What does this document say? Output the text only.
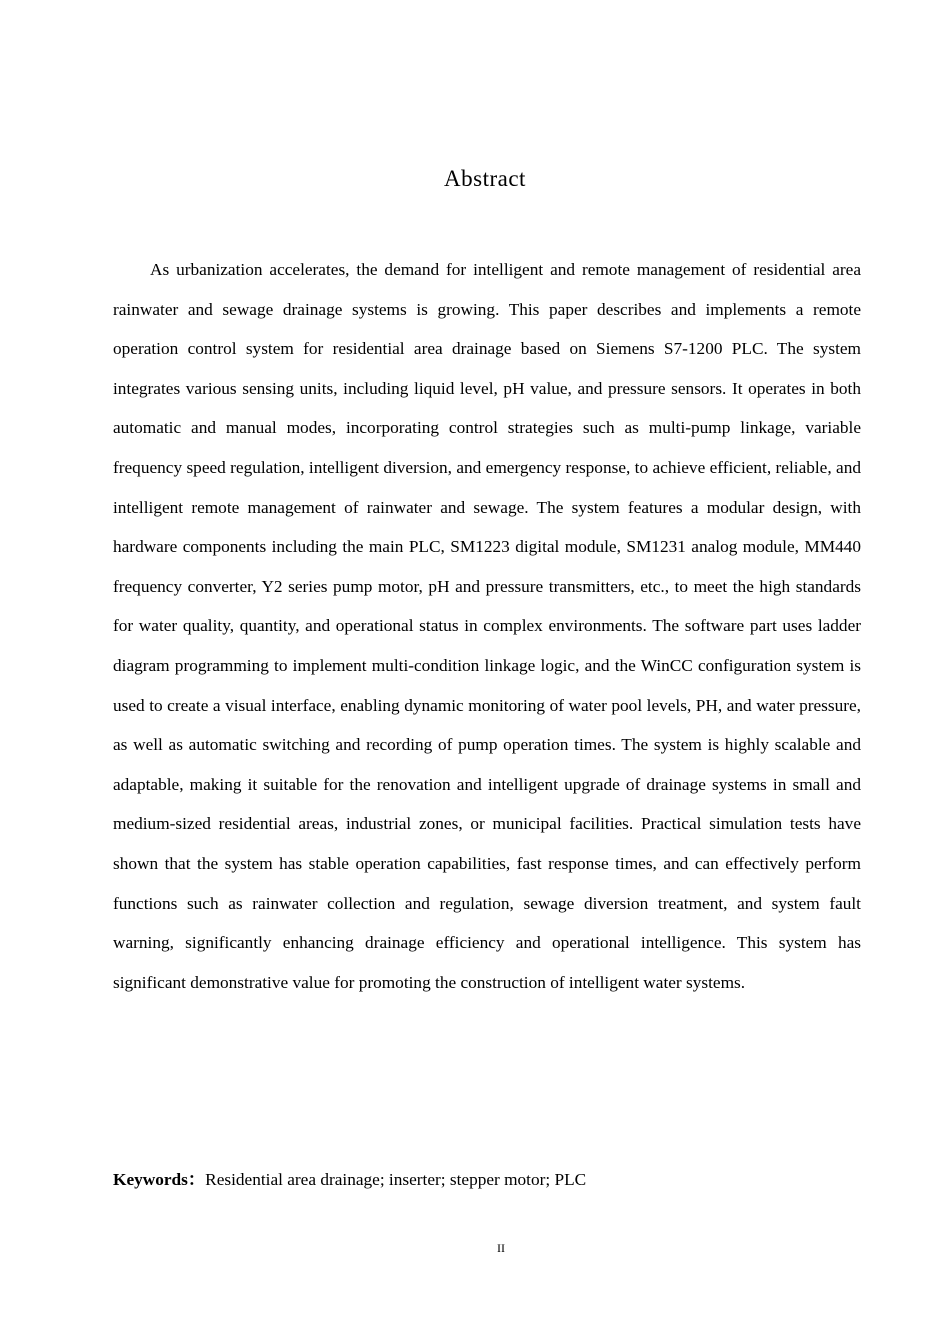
Abstract

As urbanization accelerates, the demand for intelligent and remote management of residential area rainwater and sewage drainage systems is growing. This paper describes and implements a remote operation control system for residential area drainage based on Siemens S7-1200 PLC. The system integrates various sensing units, including liquid level, pH value, and pressure sensors. It operates in both automatic and manual modes, incorporating control strategies such as multi-pump linkage, variable frequency speed regulation, intelligent diversion, and emergency response, to achieve efficient, reliable, and intelligent remote management of rainwater and sewage. The system features a modular design, with hardware components including the main PLC, SM1223 digital module, SM1231 analog module, MM440 frequency converter, Y2 series pump motor, pH and pressure transmitters, etc., to meet the high standards for water quality, quantity, and operational status in complex environments. The software part uses ladder diagram programming to implement multi-condition linkage logic, and the WinCC configuration system is used to create a visual interface, enabling dynamic monitoring of water pool levels, PH, and water pressure, as well as automatic switching and recording of pump operation times. The system is highly scalable and adaptable, making it suitable for the renovation and intelligent upgrade of drainage systems in small and medium-sized residential areas, industrial zones, or municipal facilities. Practical simulation tests have shown that the system has stable operation capabilities, fast response times, and can effectively perform functions such as rainwater collection and regulation, sewage diversion treatment, and system fault warning, significantly enhancing drainage efficiency and operational intelligence. This system has significant demonstrative value for promoting the construction of intelligent water systems.

Keywords：Residential area drainage; inserter; stepper motor; PLC

II
